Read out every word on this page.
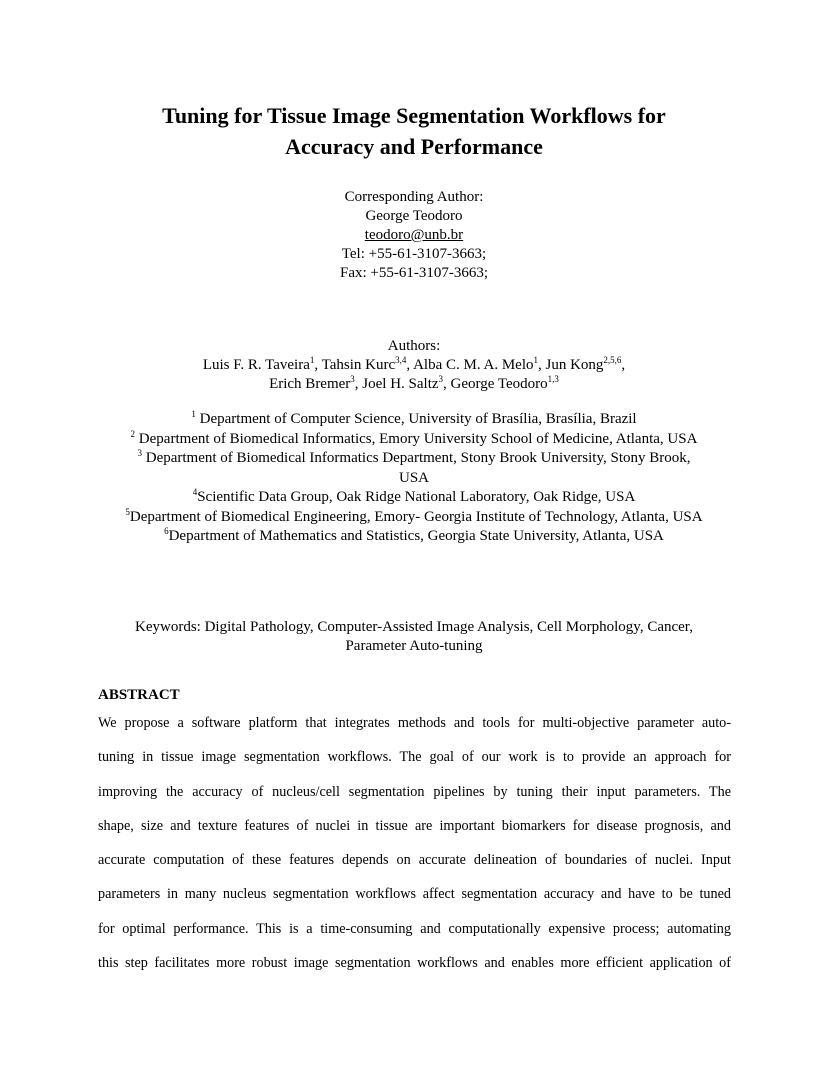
Tuning for Tissue Image Segmentation Workflows for
Accuracy and Performance
Corresponding Author:
George Teodoro
teodoro@unb.br
Tel: +55-61-3107-3663;
Fax: +55-61-3107-3663;
Authors:
Luis F. R. Taveira$^1$, Tahsin Kurc$^{3,4}$, Alba C. M. A. Melo$^1$, Jun Kong$^{2,5,6}$,
Erich Bremer$^3$, Joel H. Saltz$^3$, George Teodoro$^{1,3}$
$^1$ Department of Computer Science, University of Brasília, Brasília, Brazil
$^2$ Department of Biomedical Informatics, Emory University School of Medicine, Atlanta, USA
$^3$ Department of Biomedical Informatics Department, Stony Brook University, Stony Brook,
USA
$^4$Scientific Data Group, Oak Ridge National Laboratory, Oak Ridge, USA
$^5$Department of Biomedical Engineering, Emory- Georgia Institute of Technology, Atlanta, USA
$^6$Department of Mathematics and Statistics, Georgia State University, Atlanta, USA
Keywords: Digital Pathology, Computer-Assisted Image Analysis, Cell Morphology, Cancer,
Parameter Auto-tuning
ABSTRACT
We propose a software platform that integrates methods and tools for multi-objective parameter auto-
tuning in tissue image segmentation workflows. The goal of our work is to provide an approach for
improving the accuracy of nucleus/cell segmentation pipelines by tuning their input parameters. The
shape, size and texture features of nuclei in tissue are important biomarkers for disease prognosis, and
accurate computation of these features depends on accurate delineation of boundaries of nuclei. Input
parameters in many nucleus segmentation workflows affect segmentation accuracy and have to be tuned
for optimal performance. This is a time-consuming and computationally expensive process; automating
this step facilitates more robust image segmentation workflows and enables more efficient application of
